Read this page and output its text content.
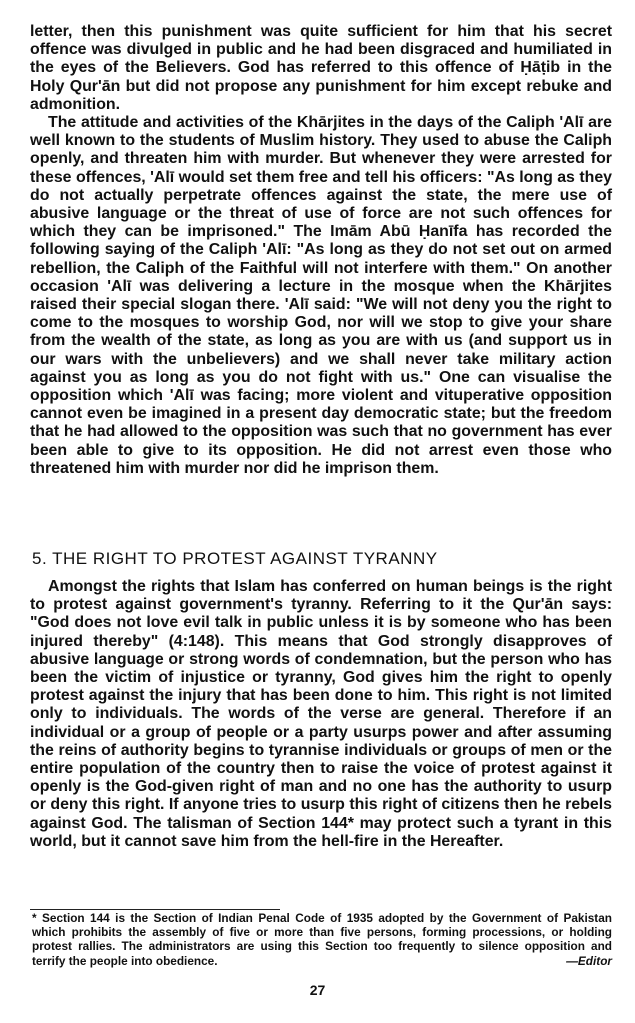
letter, then this punishment was quite sufficient for him that his secret offence was divulged in public and he had been disgraced and humiliated in the eyes of the Believers. God has referred to this offence of Ḥāṭib in the Holy Qur'ān but did not propose any punishment for him except rebuke and admonition.

The attitude and activities of the Khārjites in the days of the Caliph 'Alī are well known to the students of Muslim history. They used to abuse the Caliph openly, and threaten him with murder. But whenever they were arrested for these offences, 'Alī would set them free and tell his officers: "As long as they do not actually perpetrate offences against the state, the mere use of abusive language or the threat of use of force are not such offences for which they can be imprisoned." The Imām Abū Ḥanīfa has recorded the following saying of the Caliph 'Alī: "As long as they do not set out on armed rebellion, the Caliph of the Faithful will not interfere with them." On another occasion 'Alī was delivering a lecture in the mosque when the Khārjites raised their special slogan there. 'Alī said: "We will not deny you the right to come to the mosques to worship God, nor will we stop to give your share from the wealth of the state, as long as you are with us (and support us in our wars with the unbelievers) and we shall never take military action against you as long as you do not fight with us." One can visualise the opposition which 'Alī was facing; more violent and vituperative opposition cannot even be imagined in a present day democratic state; but the freedom that he had allowed to the opposition was such that no government has ever been able to give to its opposition. He did not arrest even those who threatened him with murder nor did he imprison them.

5. THE RIGHT TO PROTEST AGAINST TYRANNY

Amongst the rights that Islam has conferred on human beings is the right to protest against government's tyranny. Referring to it the Qur'ān says: "God does not love evil talk in public unless it is by someone who has been injured thereby" (4:148). This means that God strongly disapproves of abusive language or strong words of condemnation, but the person who has been the victim of injustice or tyranny, God gives him the right to openly protest against the injury that has been done to him. This right is not limited only to individuals. The words of the verse are general. Therefore if an individual or a group of people or a party usurps power and after assuming the reins of authority begins to tyrannise individuals or groups of men or the entire population of the country then to raise the voice of protest against it openly is the God-given right of man and no one has the authority to usurp or deny this right. If anyone tries to usurp this right of citizens then he rebels against God. The talisman of Section 144* may protect such a tyrant in this world, but it cannot save him from the hell-fire in the Hereafter.

* Section 144 is the Section of Indian Penal Code of 1935 adopted by the Government of Pakistan which prohibits the assembly of five or more than five persons, forming processions, or holding protest rallies. The administrators are using this Section too frequently to silence opposition and terrify the people into obedience.	—Editor
27
